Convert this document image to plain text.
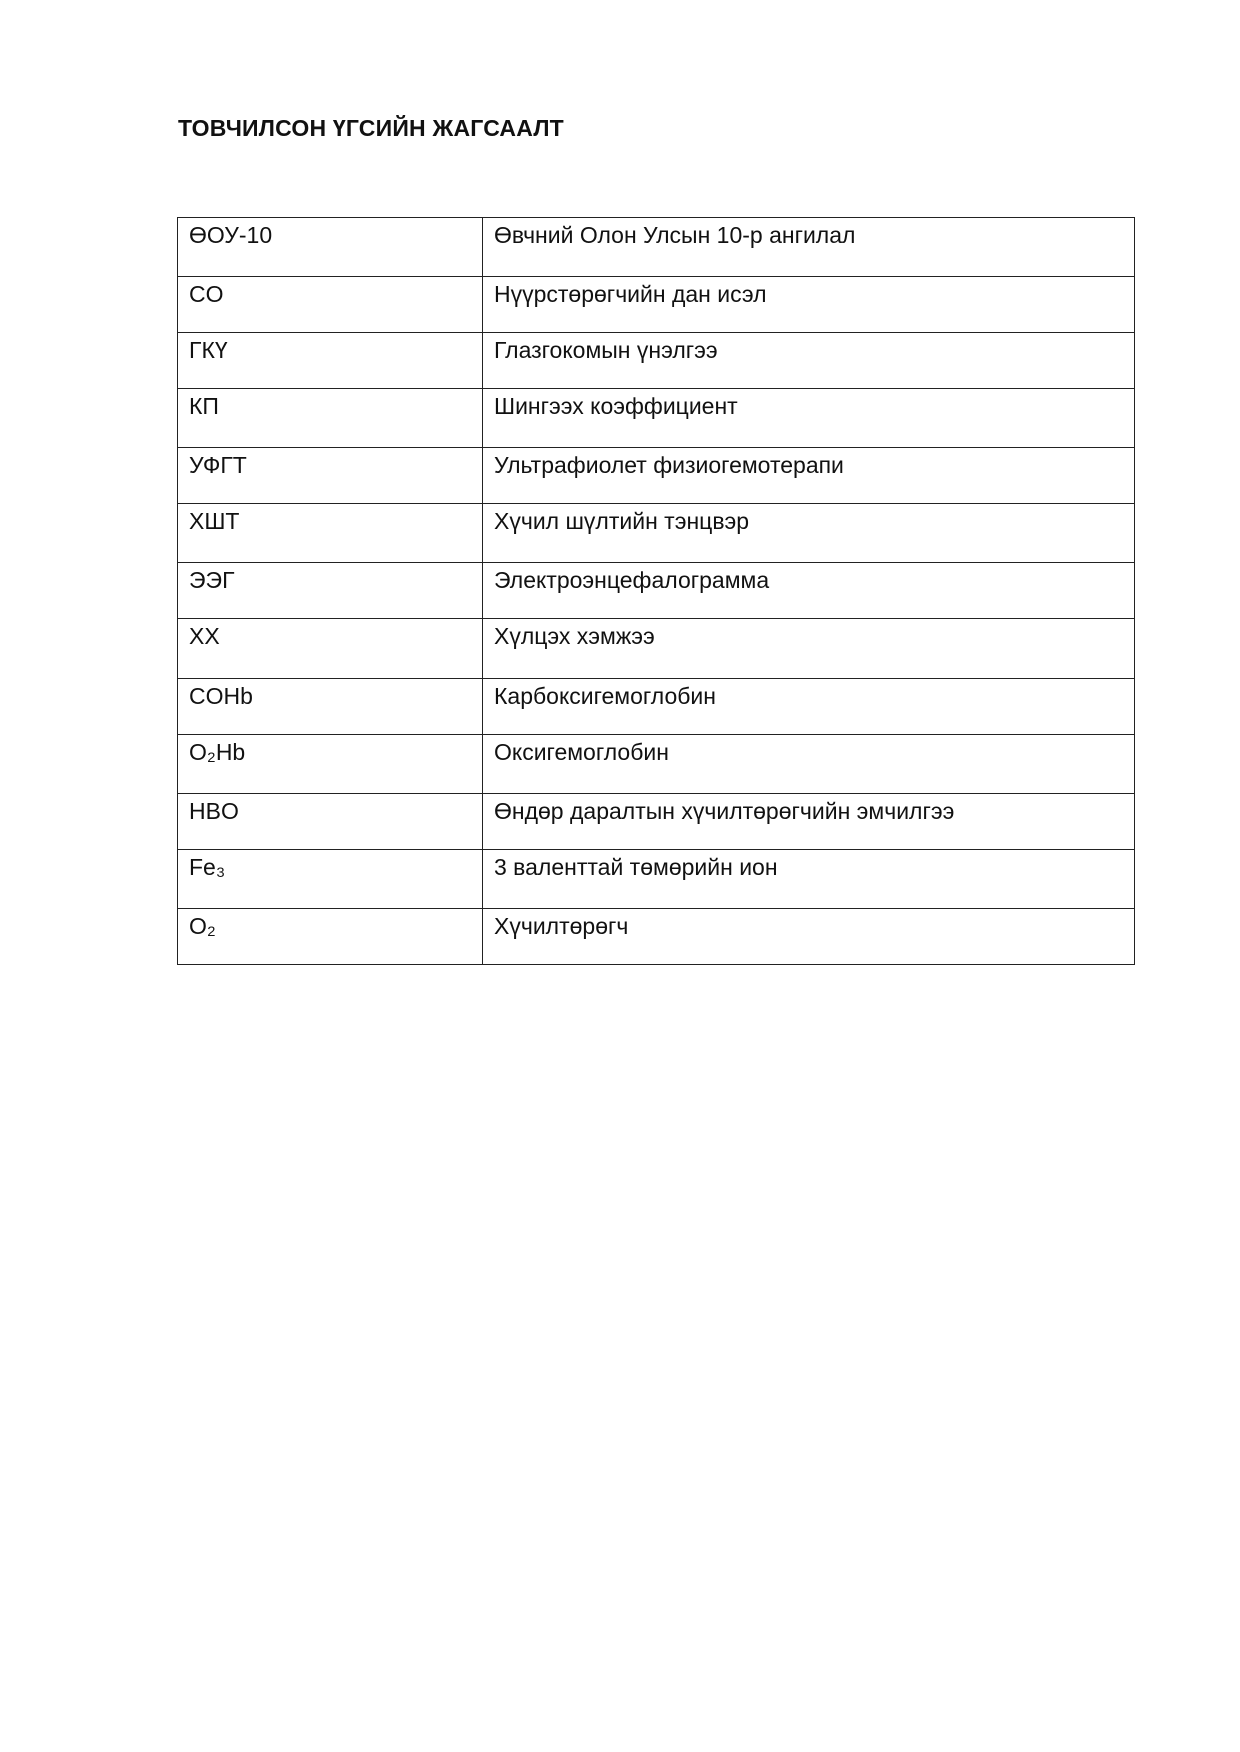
ТОВЧИЛСОН ҮГСИЙН ЖАГСААЛТ
ӨОУ-10	Өвчний Олон Улсын 10-р ангилал
CO	Нүүрстөрөгчийн дан исэл
ГКҮ	Глазгокомын үнэлгээ
КП	Шингээх коэффициент
УФГТ	Ультрафиолет физиогемотерапи
ХШТ	Хүчил шүлтийн тэнцвэр
ЭЭГ	Электроэнцефалограмма
ХХ	Хүлцэх хэмжээ
COHb	Карбоксигемоглобин
O₂Hb	Оксигемоглобин
HBO	Өндөр даралтын хүчилтөрөгчийн эмчилгээ
Fe₃	3 валенттай төмөрийн ион
O₂	Хүчилтөрөгч
